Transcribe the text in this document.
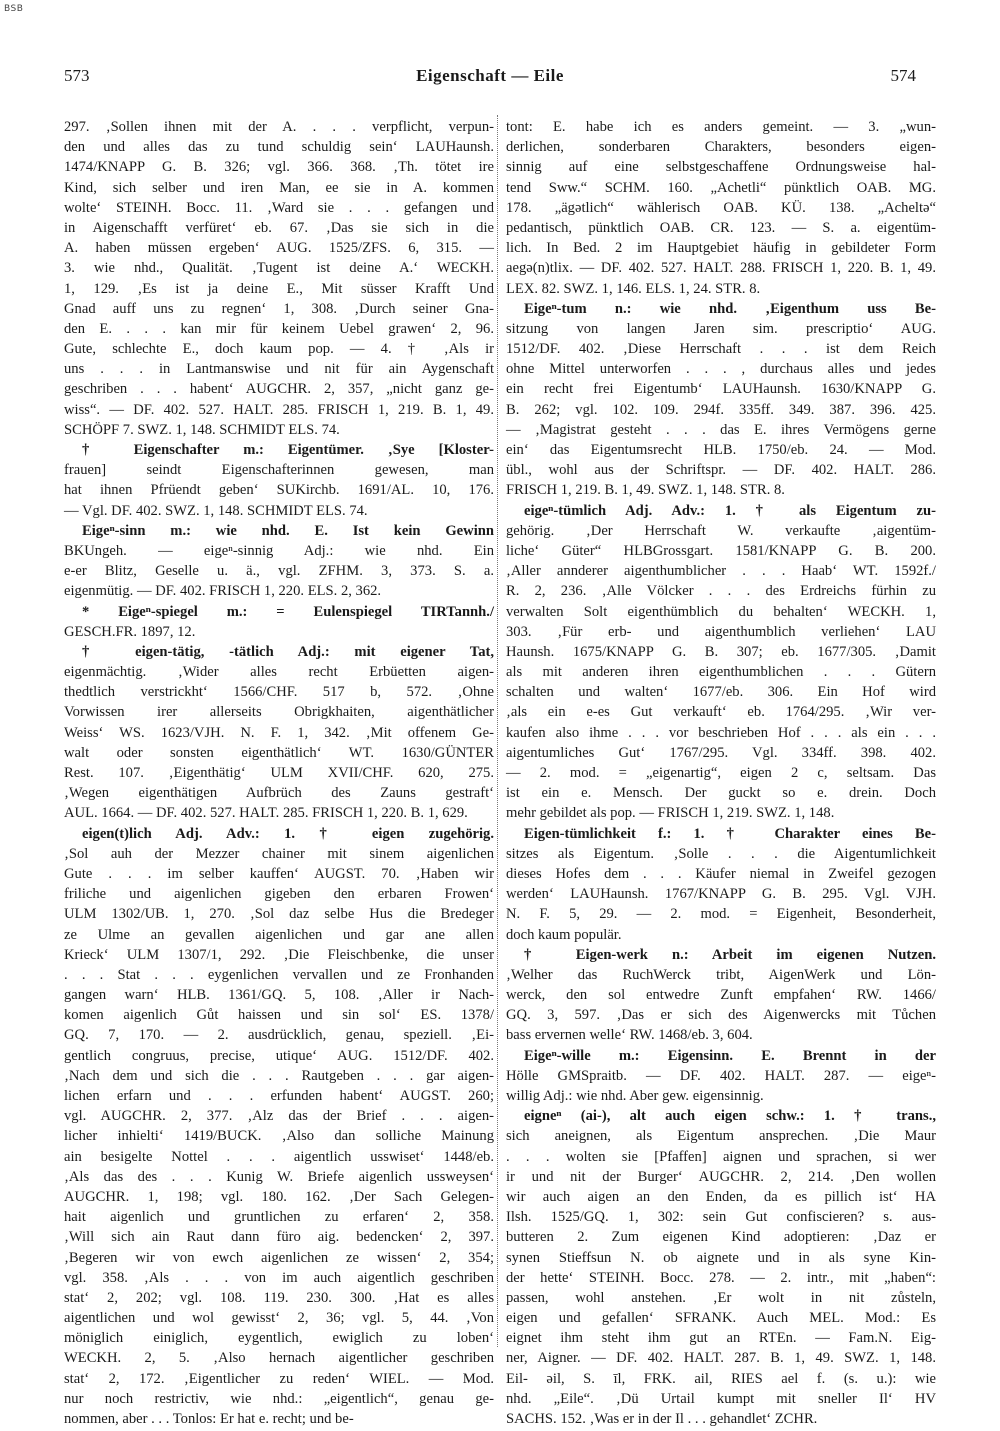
BSB
573	Eigenschaft — Eile	574
297. ‚Sollen ihnen mit der A. . . . verpflicht, verpun-
den und alles das zu tund schuldig sein‘ LAUHaunsh.
1474/KNAPP G. B. 326; vgl. 366. 368. ‚Th. tötet ire
Kind, sich selber und iren Man, ee sie in A. kommen
wolte‘ STEINH. Bocc. 11. ‚Ward sie . . . gefangen und
in Aigenschafft verfüret‘ eb. 67. ‚Das sie sich in die
A. haben müssen ergeben‘ AUG. 1525/ZFS. 6, 315. —
3. wie nhd., Qualität. ‚Tugent ist deine A.‘ WECKH.
1, 129. ‚Es ist ja deine E., Mit süsser Krafft Und
Gnad auff uns zu regnen‘ 1, 308. ‚Durch seiner Gna-
den E. . . . kan mir für keinem Uebel grawen‘ 2, 96.
Gute, schlechte E., doch kaum pop. — 4. † ‚Als ir
uns . . . in Lantmanswise und nit für ain Aygenschaft
geschriben . . . habent‘ AUGCHR. 2, 357, „nicht ganz ge-
wiss“. — DF. 402. 527. HALT. 285. FRISCH 1, 219. B. 1, 49.
SCHÖPF 7. SWZ. 1, 148. SCHMIDT ELS. 74.
† Eigenschafter m.: Eigentümer. ‚Sye [Kloster-
frauen] seindt Eigenschafterinnen gewesen, man
hat ihnen Pfrüendt geben‘ SUKirchb. 1691/AL. 10, 176.
— Vgl. DF. 402. SWZ. 1, 148. SCHMIDT ELS. 74.
Eigeⁿ-sinn m.: wie nhd. E. Ist kein Gewinn
BKUngeh. — eigeⁿ-sinnig Adj.: wie nhd. Ein
e-er Blitz, Geselle u. ä., vgl. ZFHM. 3, 373. S. a.
eigenmütig. — DF. 402. FRISCH 1, 220. ELS. 2, 362.
* Eigeⁿ-spiegel m.: = Eulenspiegel TIRTannh./
GESCH.FR. 1897, 12.
† eigen-tätig, -tätlich Adj.: mit eigener Tat,
eigenmächtig. ‚Wider alles recht Erbüetten aigen-
thedtlich verstrickht‘ 1566/CHF. 517 b, 572. ‚Ohne
Vorwissen irer allerseits Obrigkhaiten, aigenthätlicher
Weiss‘ WS. 1623/VJH. N. F. 1, 342. ‚Mit offenem Ge-
walt oder sonsten eigenthätlich‘ WT. 1630/GÜNTER
Rest. 107. ‚Eigenthätig‘ ULM XVII/CHF. 620, 275.
‚Wegen eigenthätigen Aufbrüch des Zauns gestraft‘
AUL. 1664. — DF. 402. 527. HALT. 285. FRISCH 1, 220. B. 1, 629.
eigen(t)lich Adj. Adv.: 1. † eigen zugehörig.
‚Sol auh der Mezzer chainer mit sinem aigenlichen
Gute . . . im selber kauffen‘ AUGST. 70. ‚Haben wir
friliche und aigenlichen gigeben den erbaren Frowen‘
ULM 1302/UB. 1, 270. ‚Sol daz selbe Hus die Bredeger
ze Ulme an gevallen aigenlichen und gar ane allen
Krieck‘ ULM 1307/1, 292. ‚Die Fleischbenke, die unser
. . . Stat . . . eygenlichen vervallen und ze Fronhanden
gangen warn‘ HLB. 1361/GQ. 5, 108. ‚Aller ir Nach-
komen aigenlich Gůt haissen und sin sol‘ ES. 1378/
GQ. 7, 170. — 2. ausdrücklich, genau, speziell. ‚Ei-
gentlich congruus, precise, utique‘ AUG. 1512/DF. 402.
‚Nach dem und sich die . . . Rautgeben . . . gar aigen-
lichen erfarn und . . . erfunden habent‘ AUGST. 260;
vgl. AUGCHR. 2, 377. ‚Alz das der Brief . . . aigen-
licher inhielti‘ 1419/BUCK. ‚Also dan solliche Mainung
ain besigelte Nottel . . . aigentlich usswiset‘ 1448/eb.
‚Als das des . . . Kunig W. Briefe aigenlich ussweysen‘
AUGCHR. 1, 198; vgl. 180. 162. ‚Der Sach Gelegen-
hait aigenlich und gruntlichen zu erfaren‘ 2, 358.
‚Will sich ain Raut dann füro aig. bedencken‘ 2, 397.
‚Begeren wir von ewch aigenlichen ze wissen‘ 2, 354;
vgl. 358. ‚Als . . . von im auch aigentlich geschriben
stat‘ 2, 202; vgl. 108. 119. 230. 300. ‚Hat es alles
aigentlichen und wol gewisst‘ 2, 36; vgl. 5, 44. ‚Von
möniglich einiglich, eygentlich, ewiglich zu loben‘
WECKH. 2, 5. ‚Also hernach aigentlicher geschriben
stat‘ 2, 172. ‚Eigentlicher zu reden‘ WIEL. — Mod.
nur noch restrictiv, wie nhd.: „eigentlich“, genau ge-
nommen, aber . . . Tonlos: Er hat e. recht; und be-
tont: E. habe ich es anders gemeint. — 3. „wun-
derlichen, sonderbaren Charakters, besonders eigen-
sinnig auf eine selbstgeschaffene Ordnungsweise hal-
tend Sww.“ SCHM. 160. „Achetli“ pünktlich OAB. MG.
178. „ägətlich“ wählerisch OAB. KÜ. 138. „Acheltə“
pedantisch, pünktlich OAB. CR. 123. — S. a. eigentüm-
lich. In Bed. 2 im Hauptgebiet häufig in gebildeter Form
aegə(n)tlix. — DF. 402. 527. HALT. 288. FRISCH 1, 220. B. 1, 49.
LEX. 82. SWZ. 1, 146. ELS. 1, 24. STR. 8.
Eigeⁿ-tum n.: wie nhd. ‚Eigenthum uss Be-
sitzung von langen Jaren sim. prescriptio‘ AUG.
1512/DF. 402. ‚Diese Herrschaft . . . ist dem Reich
ohne Mittel unterworfen . . . , durchaus alles und jedes
ein recht frei Eigentumb‘ LAUHaunsh. 1630/KNAPP G.
B. 262; vgl. 102. 109. 294f. 335ff. 349. 387. 396. 425.
— ‚Magistrat gesteht . . . das E. ihres Vermögens gerne
ein‘ das Eigentumsrecht HLB. 1750/eb. 24. — Mod.
übl., wohl aus der Schriftspr. — DF. 402. HALT. 286.
FRISCH 1, 219. B. 1, 49. SWZ. 1, 148. STR. 8.
eigeⁿ-tümlich Adj. Adv.: 1. † als Eigentum zu-
gehörig. ‚Der Herrschaft W. verkaufte ‚aigentüm-
liche‘ Güter“ HLBGrossgart. 1581/KNAPP G. B. 200.
‚Aller annderer aigenthumblicher . . . Haab‘ WT. 1592f./
R. 2, 236. ‚Alle Völcker . . . des Erdreichs fürhin zu
verwalten Solt eigenthümblich du behalten‘ WECKH. 1,
303. ‚Für erb- und aigenthumblich verliehen‘ LAU
Haunsh. 1675/KNAPP G. B. 307; eb. 1677/305. ‚Damit
als mit anderen ihren eigenthumblichen . . . Gütern
schalten und walten‘ 1677/eb. 306. Ein Hof wird
‚als ein e-es Gut verkauft‘ eb. 1764/295. ‚Wir ver-
kaufen also ihme . . . vor beschrieben Hof . . . als ein . . .
aigentumliches Gut‘ 1767/295. Vgl. 334ff. 398. 402.
— 2. mod. = „eigenartig“, eigen 2 c, seltsam. Das
ist ein e. Mensch. Der guckt so e. drein. Doch
mehr gebildet als pop. — FRISCH 1, 219. SWZ. 1, 148.
Eigen-tümlichkeit f.: 1. † Charakter eines Be-
sitzes als Eigentum. ‚Solle . . . die Aigentumlichkeit
dieses Hofes dem . . . Käufer niemal in Zweifel gezogen
werden‘ LAUHaunsh. 1767/KNAPP G. B. 295. Vgl. VJH.
N. F. 5, 29. — 2. mod. = Eigenheit, Besonderheit,
doch kaum populär.
† Eigen-werk n.: Arbeit im eigenen Nutzen.
‚Welher das RuchWerck tribt, AigenWerk und Lön-
werck, den sol entwedre Zunft empfahen‘ RW. 1466/
GQ. 3, 597. ‚Das er sich des Aigenwercks mit Tůchen
bass ervernen welle‘ RW. 1468/eb. 3, 604.
Eigeⁿ-wille m.: Eigensinn. E. Brennt in der
Hölle GMSpraitb. — DF. 402. HALT. 287. — eigeⁿ-
willig Adj.: wie nhd. Aber gew. eigensinnig.
eigneⁿ (ai-), alt auch eigen schw.: 1. † trans.,
sich aneignen, als Eigentum ansprechen. ‚Die Maur
. . . wolten sie [Pfaffen] aignen und sprachen, si wer
ir und nit der Burger‘ AUGCHR. 2, 214. ‚Den wollen
wir auch aigen an den Enden, da es pillich ist‘ HA
Ilsh. 1525/GQ. 1, 302: sein Gut confiscieren? s. aus-
butteren 2. Zum eigenen Kind adoptieren: ‚Daz er
synen Stieffsun N. ob aignete und in als syne Kin-
der hette‘ STEINH. Bocc. 278. — 2. intr., mit „haben“:
passen, wohl anstehen. ‚Er wolt in nit zůsteln,
eigen und gefallen‘ SFRANK. Auch MEL. Mod.: Es
eignet ihm steht ihm gut an RTEn. — Fam.N. Eig-
ner, Aigner. — DF. 402. HALT. 287. B. 1, 49. SWZ. 1, 148.
Eil‑ əil, S. īl, FRK. ail, RIES ael f. (s. u.): wie
nhd. „Eile“. ‚Dü Urtail kumpt mit sneller Il‘ HV
SACHS. 152. ‚Was er in der Il . . . gehandlet‘ ZCHR.
